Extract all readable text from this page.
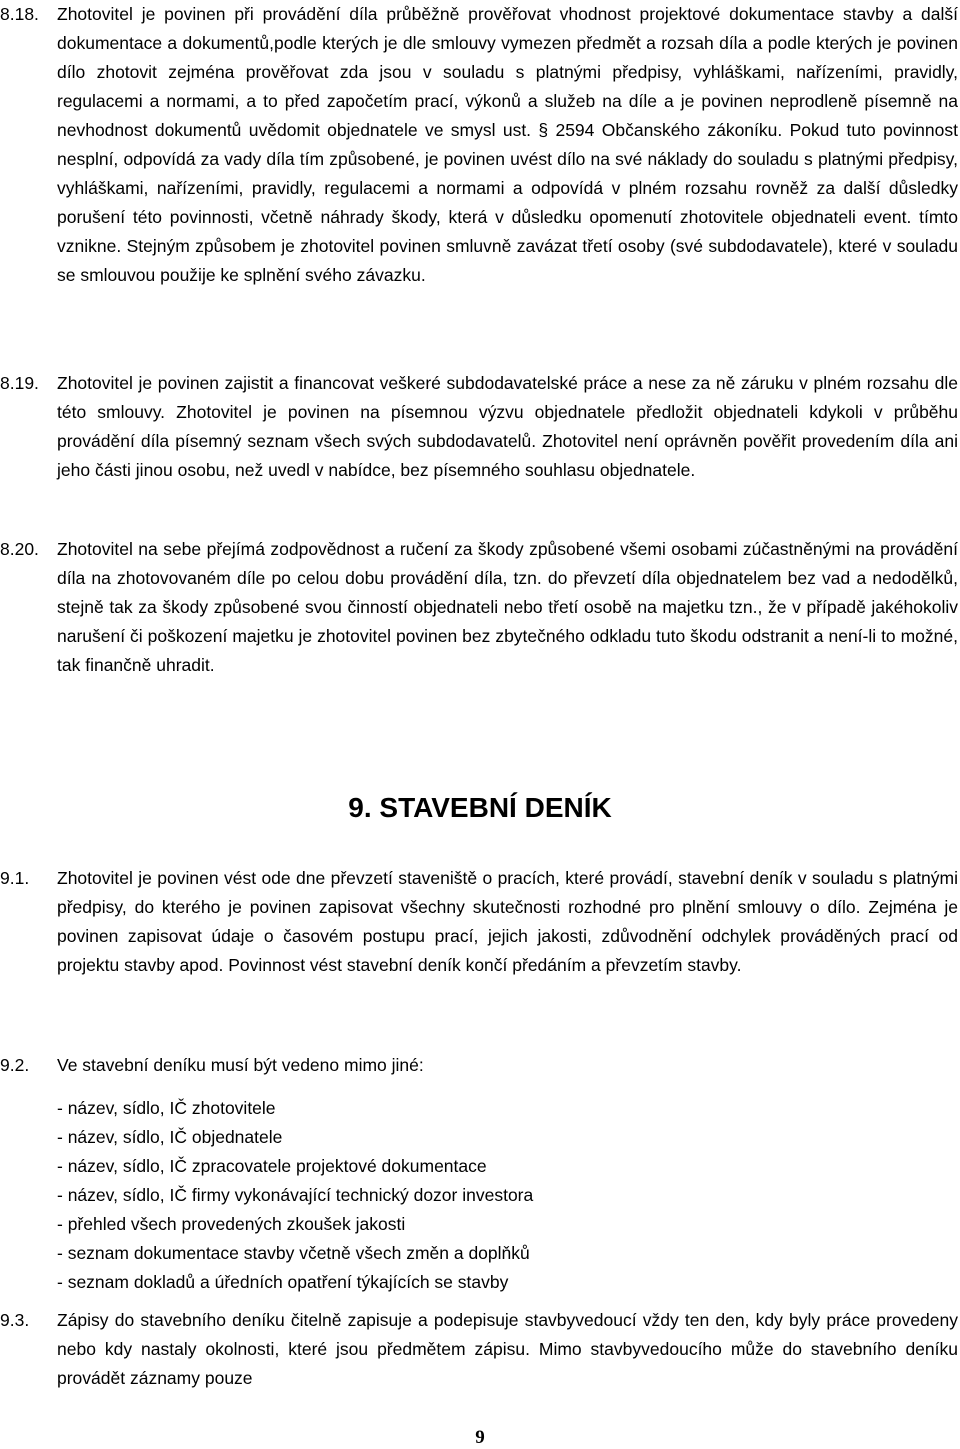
8.18. Zhotovitel je povinen při provádění díla průběžně prověřovat vhodnost projektové dokumentace stavby a další dokumentace a dokumentů,podle kterých je dle smlouvy vymezen předmět a rozsah díla a podle kterých je povinen dílo zhotovit zejména prověřovat zda jsou v souladu s platnými předpisy, vyhláškami, nařízeními, pravidly, regulacemi a normami, a to před započetím prací, výkonů a služeb na díle a je povinen neprodleně písemně na nevhodnost dokumentů uvědomit objednatele ve smysl ust. § 2594 Občanského zákoníku. Pokud tuto povinnost nesplní, odpovídá za vady díla tím způsobené, je povinen uvést dílo na své náklady do souladu s platnými předpisy, vyhláškami, nařízeními, pravidly, regulacemi a normami a odpovídá v plném rozsahu rovněž za další důsledky porušení této povinnosti, včetně náhrady škody, která v důsledku opomenutí zhotovitele objednateli event. tímto vznikne. Stejným způsobem je zhotovitel povinen smluvně zavázat třetí osoby (své subdodavatele), které v souladu se smlouvou použije ke splnění svého závazku.
8.19. Zhotovitel je povinen zajistit a financovat veškeré subdodavatelské práce a nese za ně záruku v plném rozsahu dle této smlouvy. Zhotovitel je povinen na písemnou výzvu objednatele předložit objednateli kdykoli v průběhu provádění díla písemný seznam všech svých subdodavatelů. Zhotovitel není oprávněn pověřit provedením díla ani jeho části jinou osobu, než uvedl v nabídce, bez písemného souhlasu objednatele.
8.20. Zhotovitel na sebe přejímá zodpovědnost a ručení za škody způsobené všemi osobami zúčastněnými na provádění díla na zhotovovaném díle po celou dobu provádění díla, tzn. do převzetí díla objednatelem bez vad a nedodělků, stejně tak za škody způsobené svou činností objednateli nebo třetí osobě na majetku tzn., že v případě jakéhokoliv narušení či poškození majetku je zhotovitel povinen bez zbytečného odkladu tuto škodu odstranit a není-li to možné, tak finančně uhradit.
9. STAVEBNÍ DENÍK
9.1. Zhotovitel je povinen vést ode dne převzetí staveniště o pracích, které provádí, stavební deník v souladu s platnými předpisy, do kterého je povinen zapisovat všechny skutečnosti rozhodné pro plnění smlouvy o dílo. Zejména je povinen zapisovat údaje o časovém postupu prací, jejich jakosti, zdůvodnění odchylek prováděných prací od projektu stavby apod. Povinnost vést stavební deník končí předáním a převzetím stavby.
9.2. Ve stavební deníku musí být vedeno mimo jiné:
- název, sídlo, IČ zhotovitele
- název, sídlo, IČ objednatele
- název, sídlo, IČ zpracovatele projektové dokumentace
- název, sídlo, IČ firmy vykonávající technický dozor investora
- přehled všech provedených zkoušek jakosti
- seznam dokumentace stavby včetně všech změn a doplňků
- seznam dokladů a úředních opatření týkajících se stavby
9.3. Zápisy do stavebního deníku čitelně zapisuje a podepisuje stavbyvedoucí vždy ten den, kdy byly práce provedeny nebo kdy nastaly okolnosti, které jsou předmětem zápisu. Mimo stavbyvedoucího může do stavebního deníku provádět záznamy pouze
9
